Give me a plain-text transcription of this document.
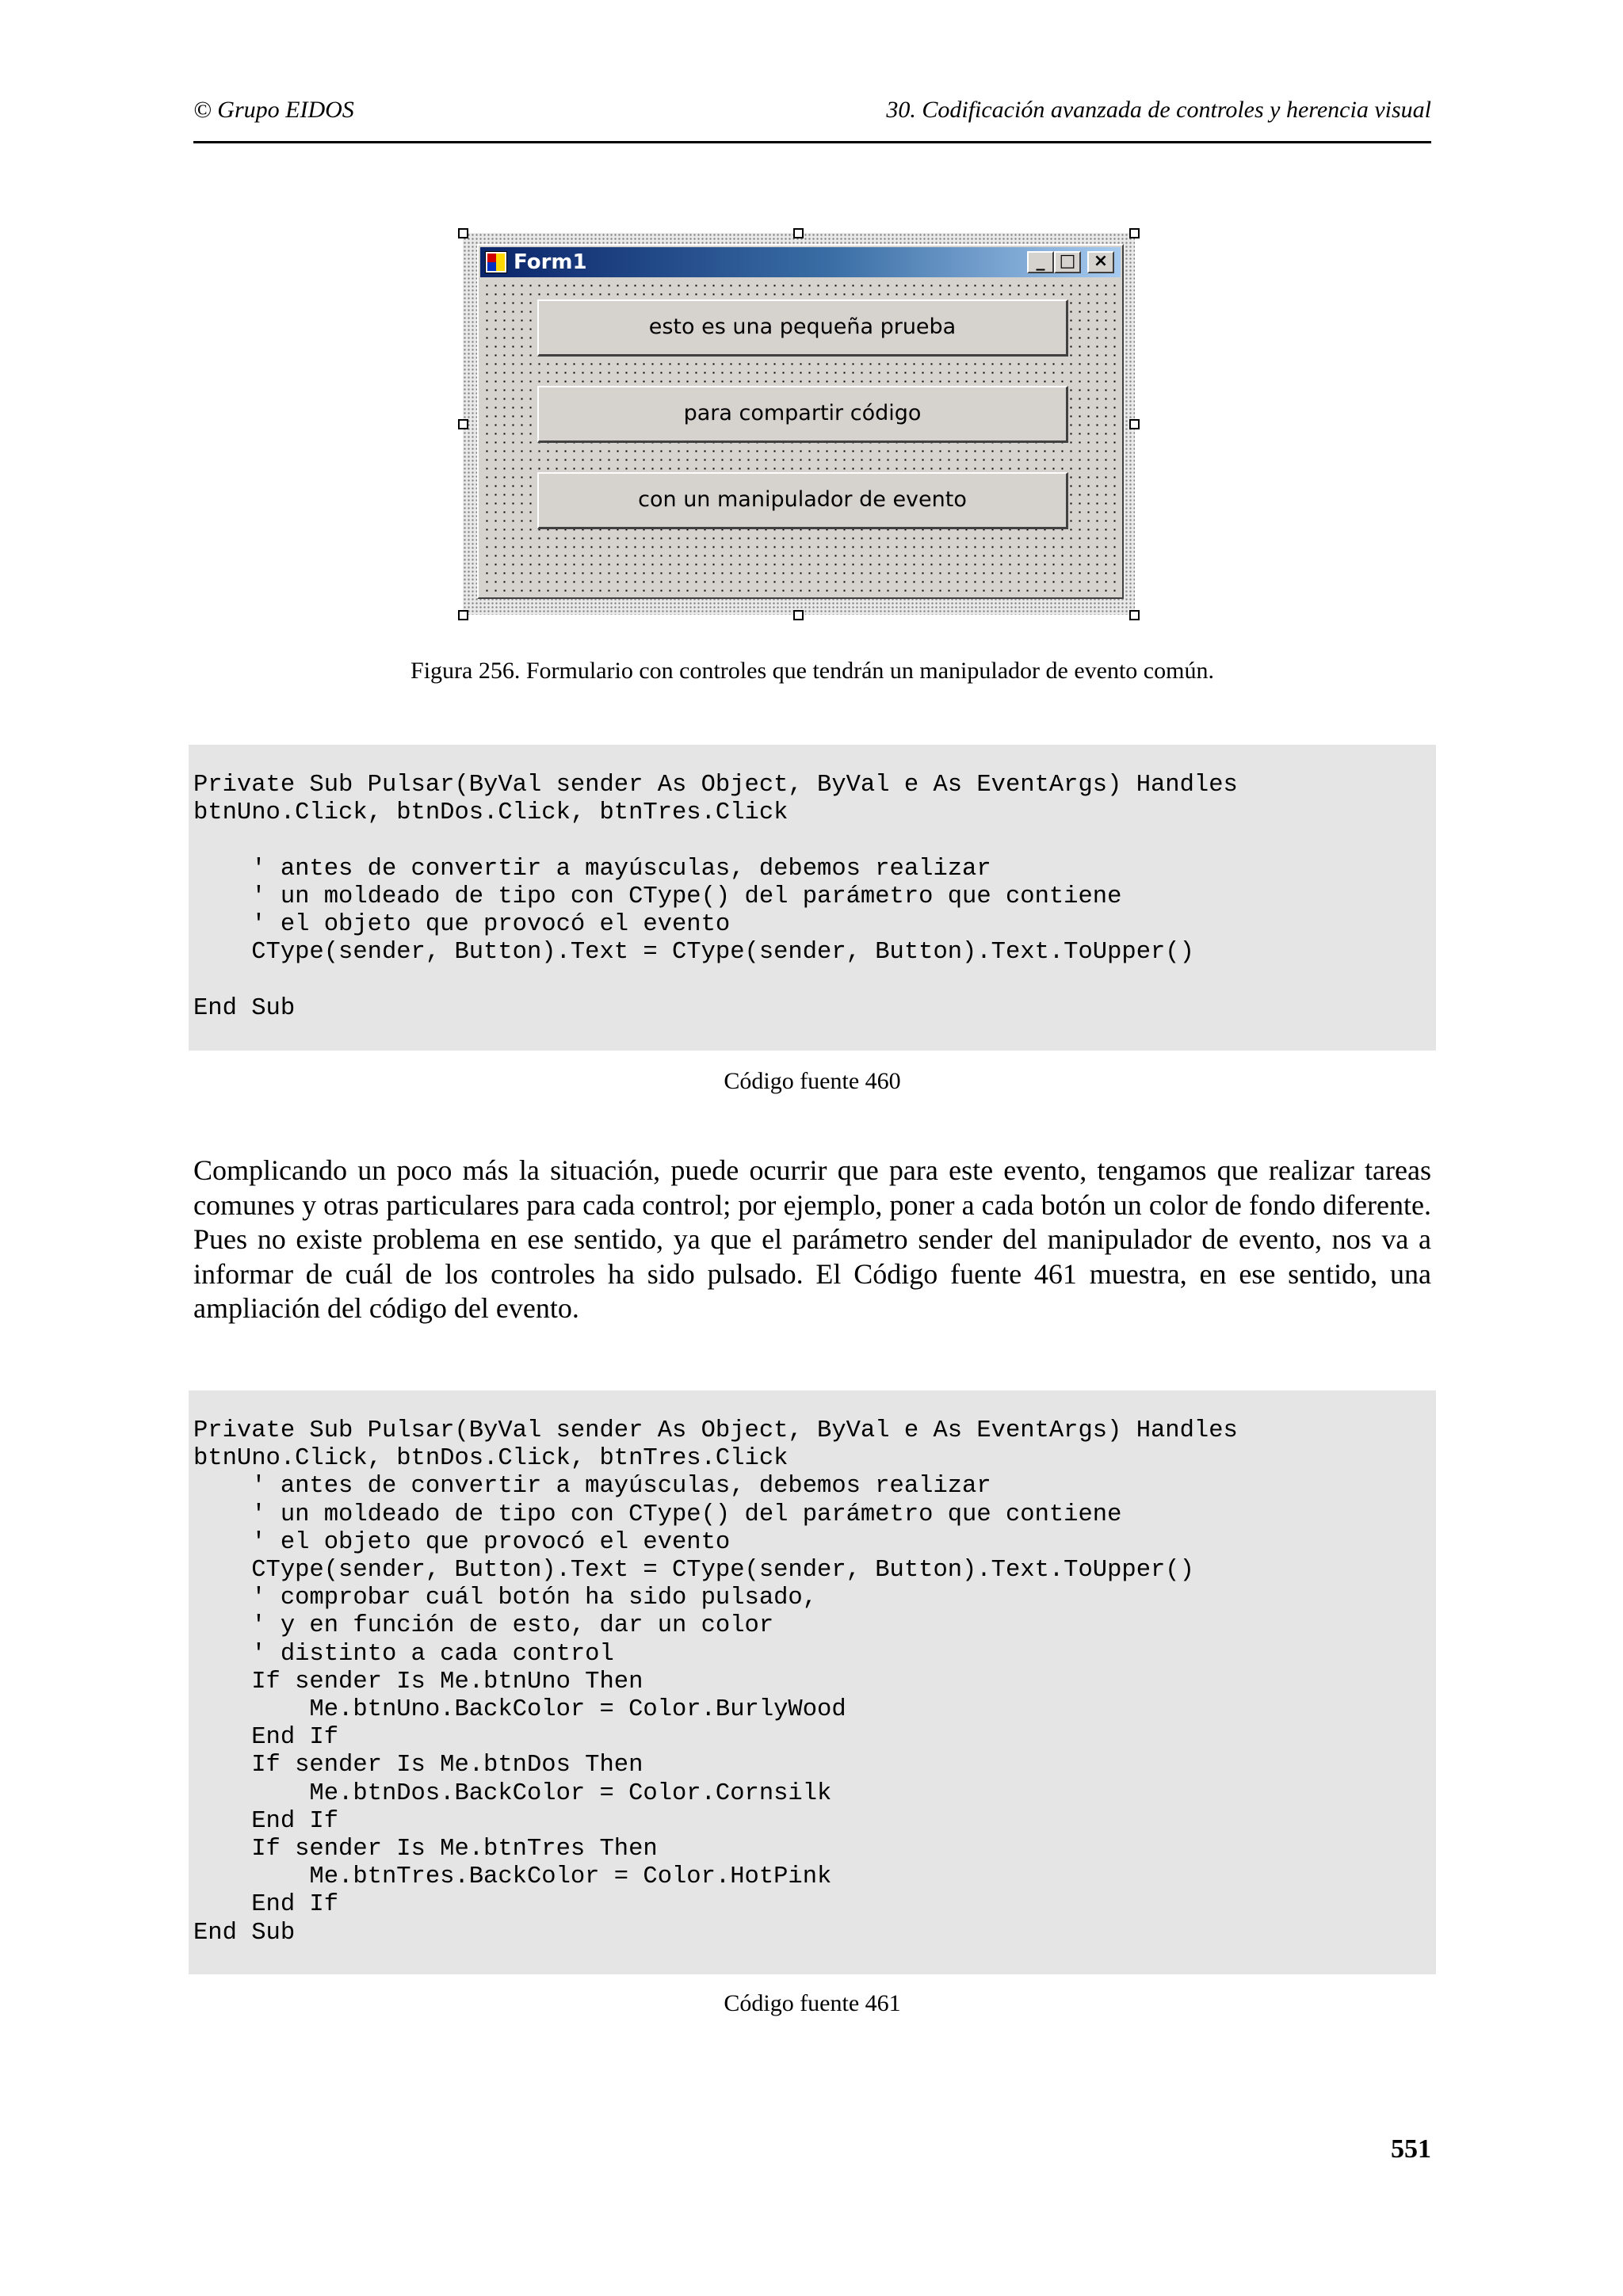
© Grupo EIDOS	30. Codificación avanzada de controles y herencia visual
Form1	_ □	×
esto es una pequeña prueba
para compartir código
con un manipulador de evento
Figura 256. Formulario con controles que tendrán un manipulador de evento común.
Private Sub Pulsar(ByVal sender As Object, ByVal e As EventArgs) Handles
btnUno.Click, btnDos.Click, btnTres.Click

' antes de convertir a mayúsculas, debemos realizar
' un moldeado de tipo con CType() del parámetro que contiene
' el objeto que provocó el evento
CType(sender, Button).Text = CType(sender, Button).Text.ToUpper()

End Sub
Código fuente 460
Complicando un poco más la situación, puede ocurrir que para este evento, tengamos que realizar tareas comunes y otras particulares para cada control; por ejemplo, poner a cada botón un color de fondo diferente. Pues no existe problema en ese sentido, ya que el parámetro sender del manipulador de evento, nos va a informar de cuál de los controles ha sido pulsado. El Código fuente 461 muestra, en ese sentido, una ampliación del código del evento.
Private Sub Pulsar(ByVal sender As Object, ByVal e As EventArgs) Handles
btnUno.Click, btnDos.Click, btnTres.Click
' antes de convertir a mayúsculas, debemos realizar
' un moldeado de tipo con CType() del parámetro que contiene
' el objeto que provocó el evento
CType(sender, Button).Text = CType(sender, Button).Text.ToUpper()
' comprobar cuál botón ha sido pulsado,
' y en función de esto, dar un color
' distinto a cada control
If sender Is Me.btnUno Then
Me.btnUno.BackColor = Color.BurlyWood
End If
If sender Is Me.btnDos Then
Me.btnDos.BackColor = Color.Cornsilk
End If
If sender Is Me.btnTres Then
Me.btnTres.BackColor = Color.HotPink
End If
End Sub
Código fuente 461
551
